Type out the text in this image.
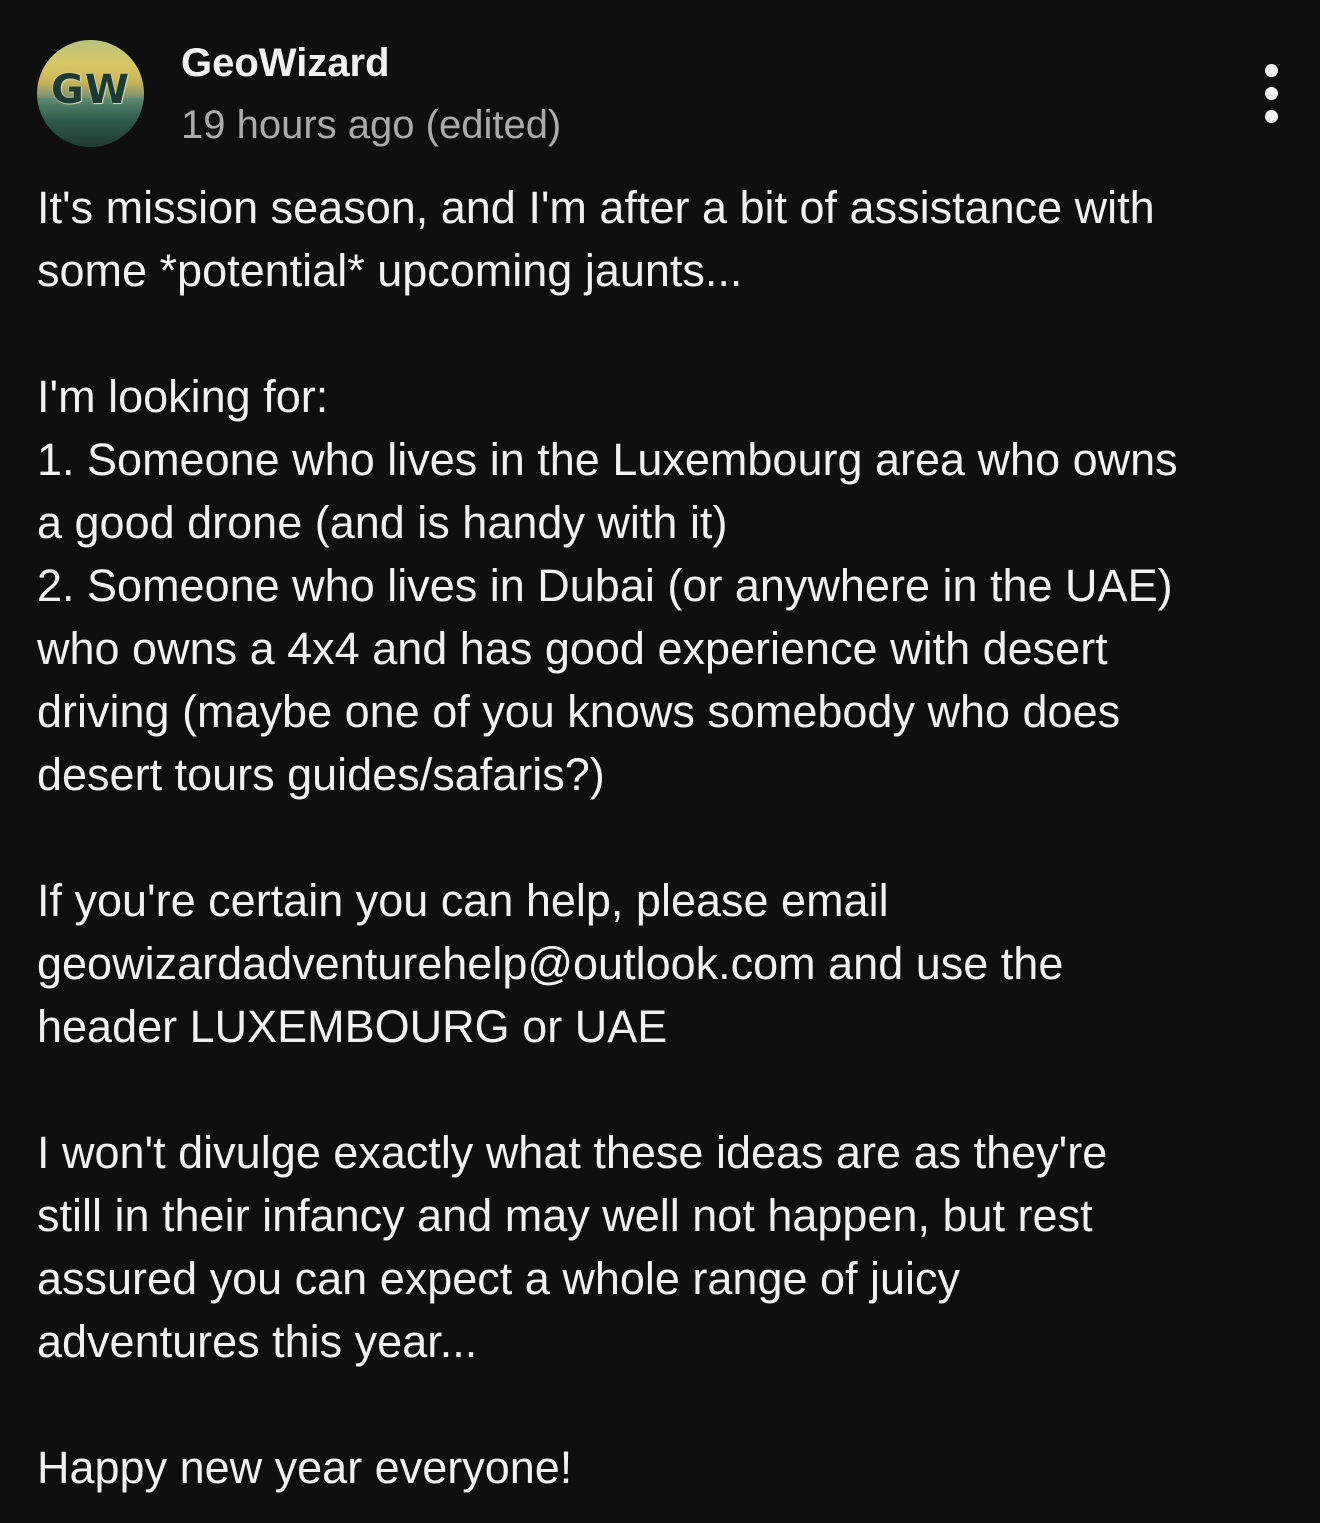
GW
GeoWizard
19 hours ago (edited)
It's mission season, and I'm after a bit of assistance with
some *potential* upcoming jaunts...
I'm looking for:
1. Someone who lives in the Luxembourg area who owns
a good drone (and is handy with it)
2. Someone who lives in Dubai (or anywhere in the UAE)
who owns a 4x4 and has good experience with desert
driving (maybe one of you knows somebody who does
desert tours guides/safaris?)
If you're certain you can help, please email
geowizardadventurehelp@outlook.com and use the
header LUXEMBOURG or UAE
I won't divulge exactly what these ideas are as they're
still in their infancy and may well not happen, but rest
assured you can expect a whole range of juicy
adventures this year...
Happy new year everyone!
